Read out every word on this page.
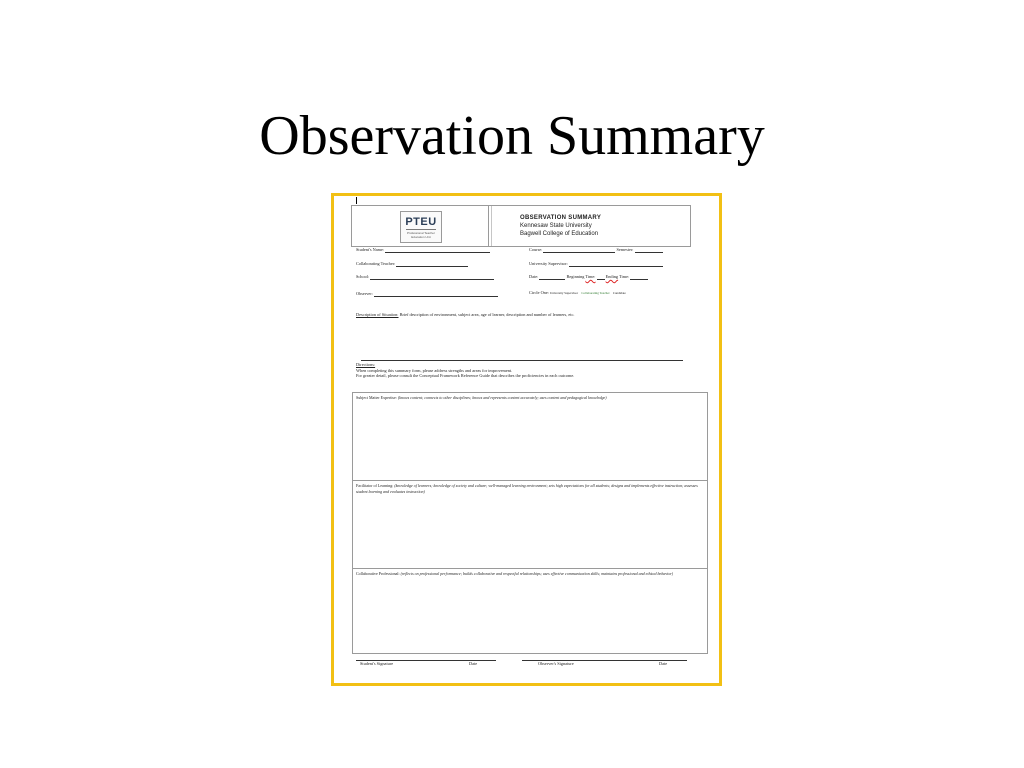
Observation Summary
PTEU
Professional Teacher Education Unit
OBSERVATION SUMMARY
Kennesaw State University
Bagwell College of Education
Student's Name:	Course:	Semester:
Collaborating Teacher:	University Supervisor:
School:	Date:	Beginning Time: Ending Time:
Observer:	Circle One: University Supervisor Collaborating Teacher Candidate
Description of Situation: Brief description of environment, subject area, age of learner, description and number of learners, etc.
Directions:
When completing this summary form, please address strengths and areas for improvement.
For greater detail, please consult the Conceptual Framework Reference Guide that describes the proficiencies in each outcome.
Subject Matter Expertise: (knows content; connects to other disciplines; knows and represents content accurately; uses content and pedagogical knowledge)
Facilitator of Learning: (knowledge of learners; knowledge of society and culture; well-managed learning environment; sets high expectations for all students; designs and implements effective instruction; assesses student learning and evaluates instruction)
Collaborative Professional: (reflects on professional performance; builds collaborative and respectful relationships; uses effective communication skills; maintains professional and ethical behavior)
Student's Signature	Date	Observer's Signature	Date
